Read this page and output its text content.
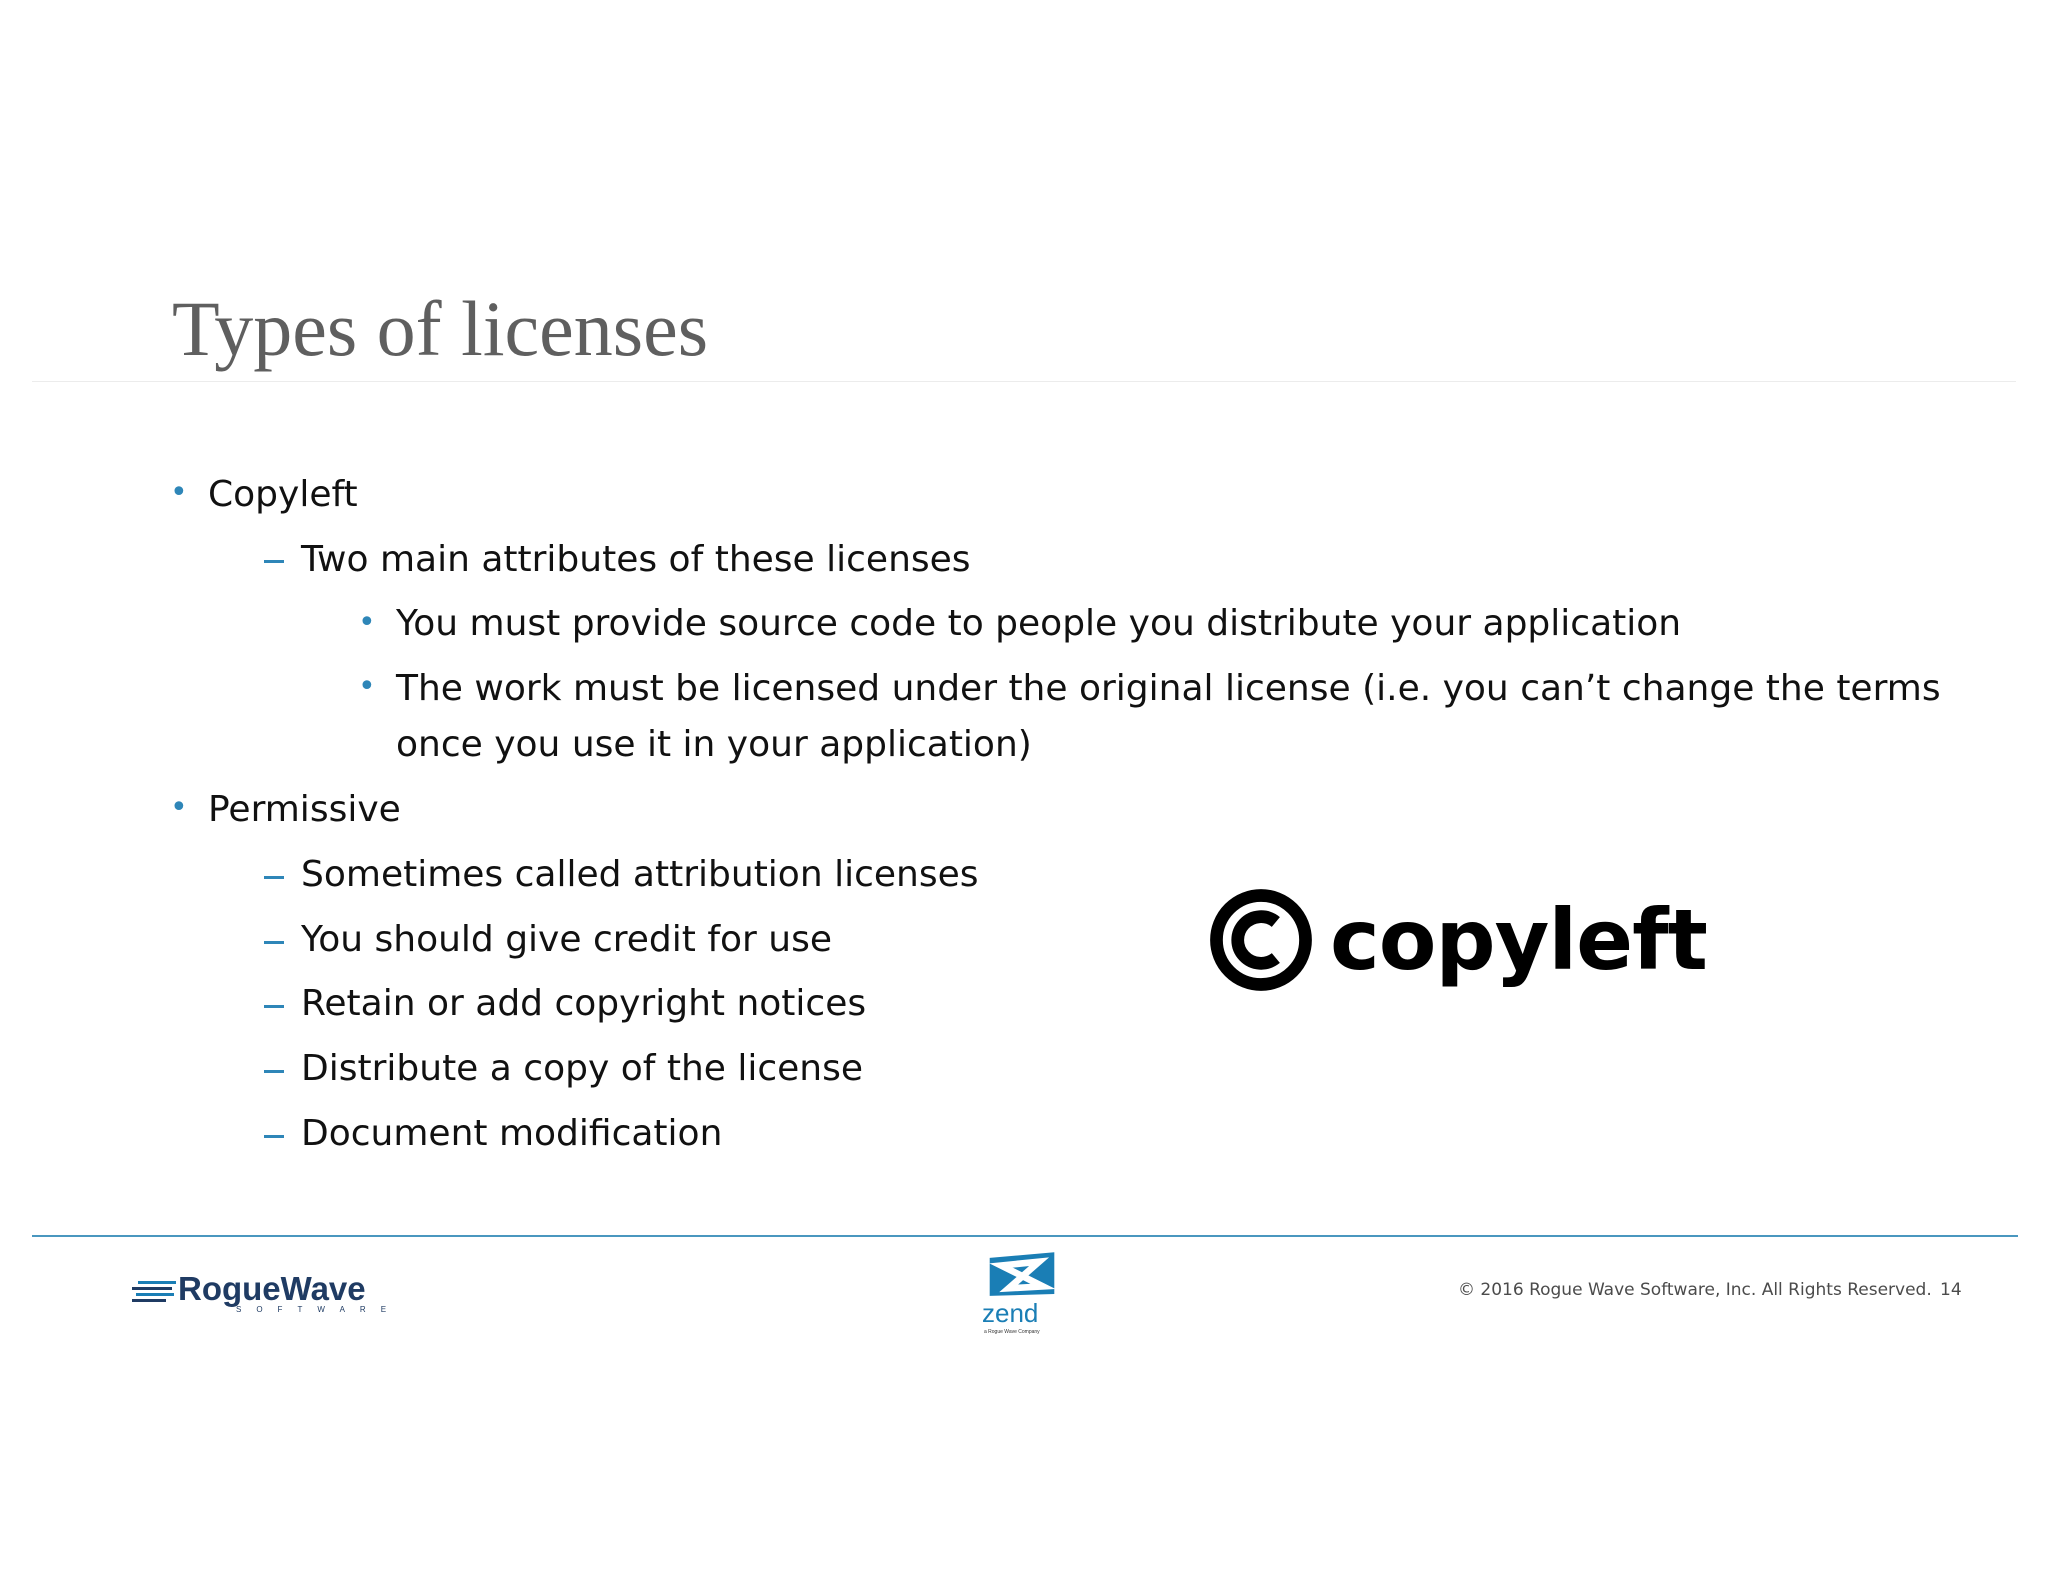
Types of licenses
• Copyleft
Two main attributes of these licenses
• You must provide source code to people you distribute your application
• The work must be licensed under the original license (i.e. you can’t change the terms
once you use it in your application)
• Permissive
Sometimes called attribution licenses
You should give credit for use
Retain or add copyright notices
Distribute a copy of the license
Document modification
copyleft
RogueWave
SOFTWARE	zend
a Rogue Wave Company
© 2016 Rogue Wave Software, Inc. All Rights Reserved. 14
